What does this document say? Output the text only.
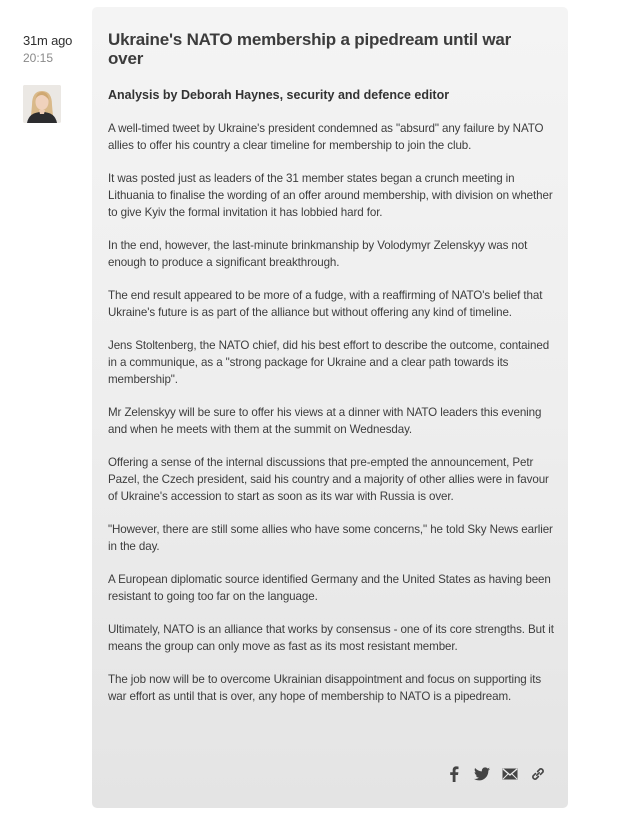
31m ago
20:15
Ukraine's NATO membership a pipedream until war over

Analysis by Deborah Haynes, security and defence editor

A well-timed tweet by Ukraine's president condemned as "absurd" any failure by NATO allies to offer his country a clear timeline for membership to join the club.

It was posted just as leaders of the 31 member states began a crunch meeting in Lithuania to finalise the wording of an offer around membership, with division on whether to give Kyiv the formal invitation it has lobbied hard for.

In the end, however, the last-minute brinkmanship by Volodymyr Zelenskyy was not enough to produce a significant breakthrough.

The end result appeared to be more of a fudge, with a reaffirming of NATO's belief that Ukraine's future is as part of the alliance but without offering any kind of timeline.

Jens Stoltenberg, the NATO chief, did his best effort to describe the outcome, contained in a communique, as a "strong package for Ukraine and a clear path towards its membership".

Mr Zelenskyy will be sure to offer his views at a dinner with NATO leaders this evening and when he meets with them at the summit on Wednesday.

Offering a sense of the internal discussions that pre-empted the announcement, Petr Pazel, the Czech president, said his country and a majority of other allies were in favour of Ukraine's accession to start as soon as its war with Russia is over.

"However, there are still some allies who have some concerns," he told Sky News earlier in the day.

A European diplomatic source identified Germany and the United States as having been resistant to going too far on the language.

Ultimately, NATO is an alliance that works by consensus - one of its core strengths. But it means the group can only move as fast as its most resistant member.

The job now will be to overcome Ukrainian disappointment and focus on supporting its war effort as until that is over, any hope of membership to NATO is a pipedream.
